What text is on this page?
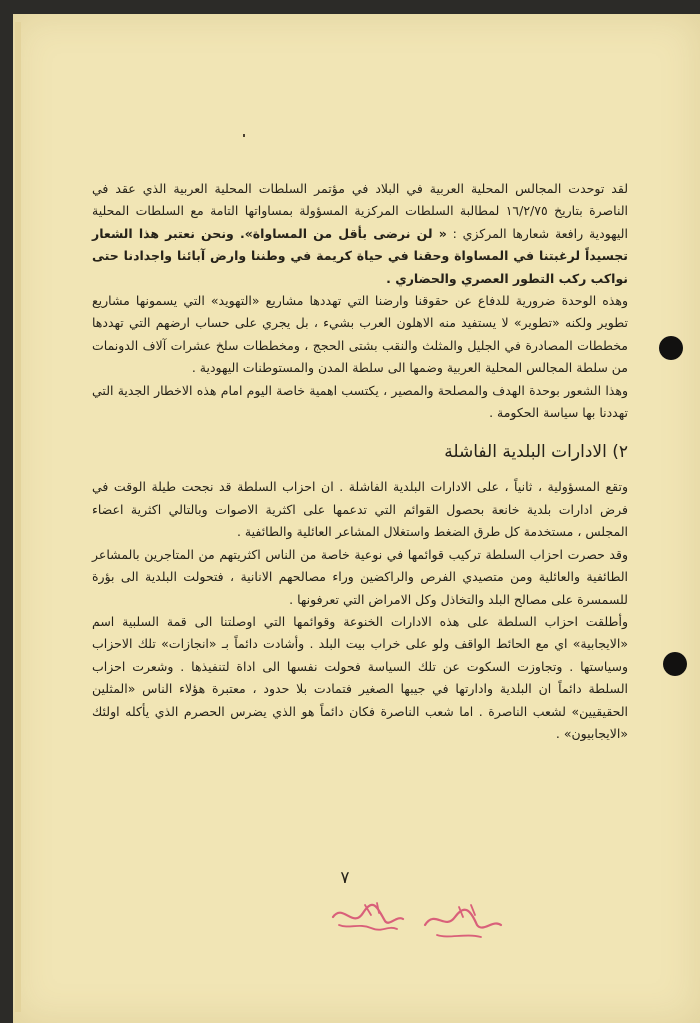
لقد توحدت المجالس المحلية العربية في البلاد في مؤتمر السلطات المحلية العربية الذي عقد في الناصرة بتاريخ ١٦/٢/٧٥ لمطالبة السلطات المركزية المسؤولة بمساواتها التامة مع السلطات المحلية اليهودية رافعة شعارها المركزي : « لن نرضى بأقل من المساواة». ونحن نعتبر هذا الشعار تجسيداً لرغبتنا في المساواة وحقنا في حياة كريمة في وطننا وارض آبائنا واجدادنا حتى نواكب ركب التطور العصري والحضاري .

وهذه الوحدة ضرورية للدفاع عن حقوقنا وارضنا التي تهددها مشاريع «التهويد» التي يسمونها مشاريع تطوير ولكنه «تطوير» لا يستفيد منه الاهلون العرب بشيء ، بل يجري على حساب ارضهم التي تهددها مخططات المصادرة في الجليل والمثلث والنقب بشتى الحجج ، ومخططات سلخ عشرات آلاف الدونمات من سلطة المجالس المحلية العربية وضمها الى سلطة المدن والمستوطنات اليهودية .

وهذا الشعور بوحدة الهدف والمصلحة والمصير ، يكتسب اهمية خاصة اليوم امام هذه الاخطار الجدية التي تهددنا بها سياسة الحكومة .

٢) الادارات البلدية الفاشلة

وتقع المسؤولية ، ثانياً ، على الادارات البلدية الفاشلة . ان احزاب السلطة قد نجحت طيلة الوقت في فرض ادارات بلدية خانعة بحصول القوائم التي تدعمها على اكثرية الاصوات وبالتالي اكثرية اعضاء المجلس ، مستخدمة كل طرق الضغط واستغلال المشاعر العائلية والطائفية .

وقد حصرت احزاب السلطة تركيب قوائمها في نوعية خاصة من الناس اكثريتهم من المتاجرين بالمشاعر الطائفية والعائلية ومن متصيدي الفرص والراكضين وراء مصالحهم الانانية ، فتحولت البلدية الى بؤرة للسمسرة على مصالح البلد والتخاذل وكل الامراض التي تعرفونها .

وأطلقت احزاب السلطة على هذه الادارات الخنوعة وقوائمها التي اوصلتنا الى قمة السلبية اسم «الايجابية» اي مع الحائط الواقف ولو على خراب بيت البلد . وأشادت دائماً بـ «انجازات» تلك الاحزاب وسياستها . وتجاوزت السكوت عن تلك السياسة فحولت نفسها الى اداة لتنفيذها . وشعرت احزاب السلطة دائماً ان البلدية وادارتها في جيبها الصغير فتمادت بلا حدود ، معتبرة هؤلاء الناس «المثلين الحقيقيين» لشعب الناصرة . اما شعب الناصرة فكان دائماً هو الذي يضرس الحصرم الذي يأكله اولئك «الايجابيون» .

٧
